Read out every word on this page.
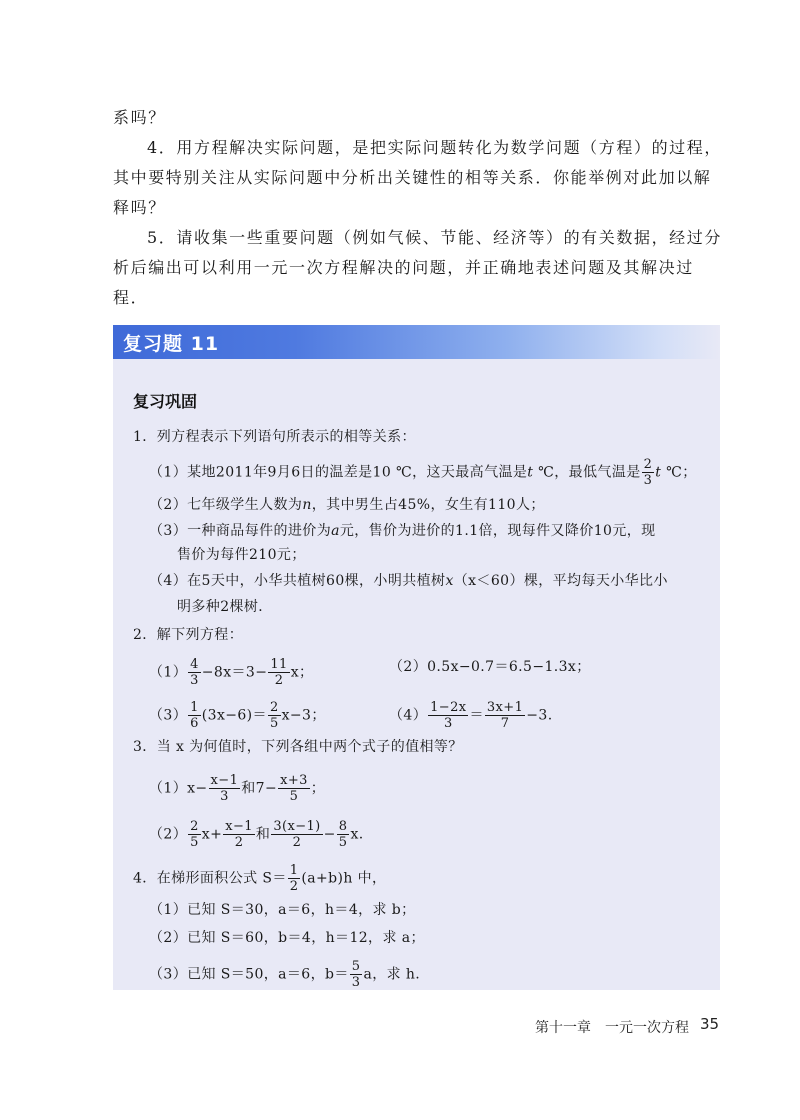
系吗？

4．用方程解决实际问题，是把实际问题转化为数学问题（方程）的过程，其中要特别关注从实际问题中分析出关键性的相等关系．你能举例对此加以解释吗？

5．请收集一些重要问题（例如气候、节能、经济等）的有关数据，经过分析后编出可以利用一元一次方程解决的问题，并正确地表述问题及其解决过程．

复习题 11
复习巩固
1．列方程表示下列语句所表示的相等关系：
（1）某地2011年9月6日的温差是10 ℃，这天最高气温是t ℃，最低气温是 $\frac{2}{3}$ t ℃；
（2）七年级学生人数为n，其中男生占45%，女生有110人；
（3）一种商品每件的进价为a元，售价为进价的1.1倍，现每件又降价10元，现
售价为每件210元；
（4）在5天中，小华共植树60棵，小明共植树x（x＜60）棵，平均每天小华比小
明多种2棵树．
2．解下列方程：
$(1) \frac{4}{3} -8x=3- \frac{11}{2}$ x；	（2）0.5x−0.7＝6.5−1.3x；
$(3) \frac{1}{6} (3x-6)= \frac{2}{5} x-3$；	$(4) \frac{1-2x}{3} = \frac{3x+1}{7} -3$.
3．当 x 为何值时，下列各组中两个式子的值相等？
$(1)x- \frac{x-1}{3}$ 和$7- \frac{x+3}{5}$ ；
$(2) \frac{2}{5} x+ \frac{x-1}{2}$ 和 $\frac{3(x-1)}{2} - \frac{8}{5} x$.
4．在梯形面积公式 $S= \frac{1}{2} (a+b)h$ 中，
（1）已知 S＝30，a＝6，h＝4，求 b；
（2）已知 S＝60，b＝4，h＝12，求 a；
（3）已知 S＝50，a＝6，$b= \frac{5}{3}$ a，求 h.
第十一章　一元一次方程 35
